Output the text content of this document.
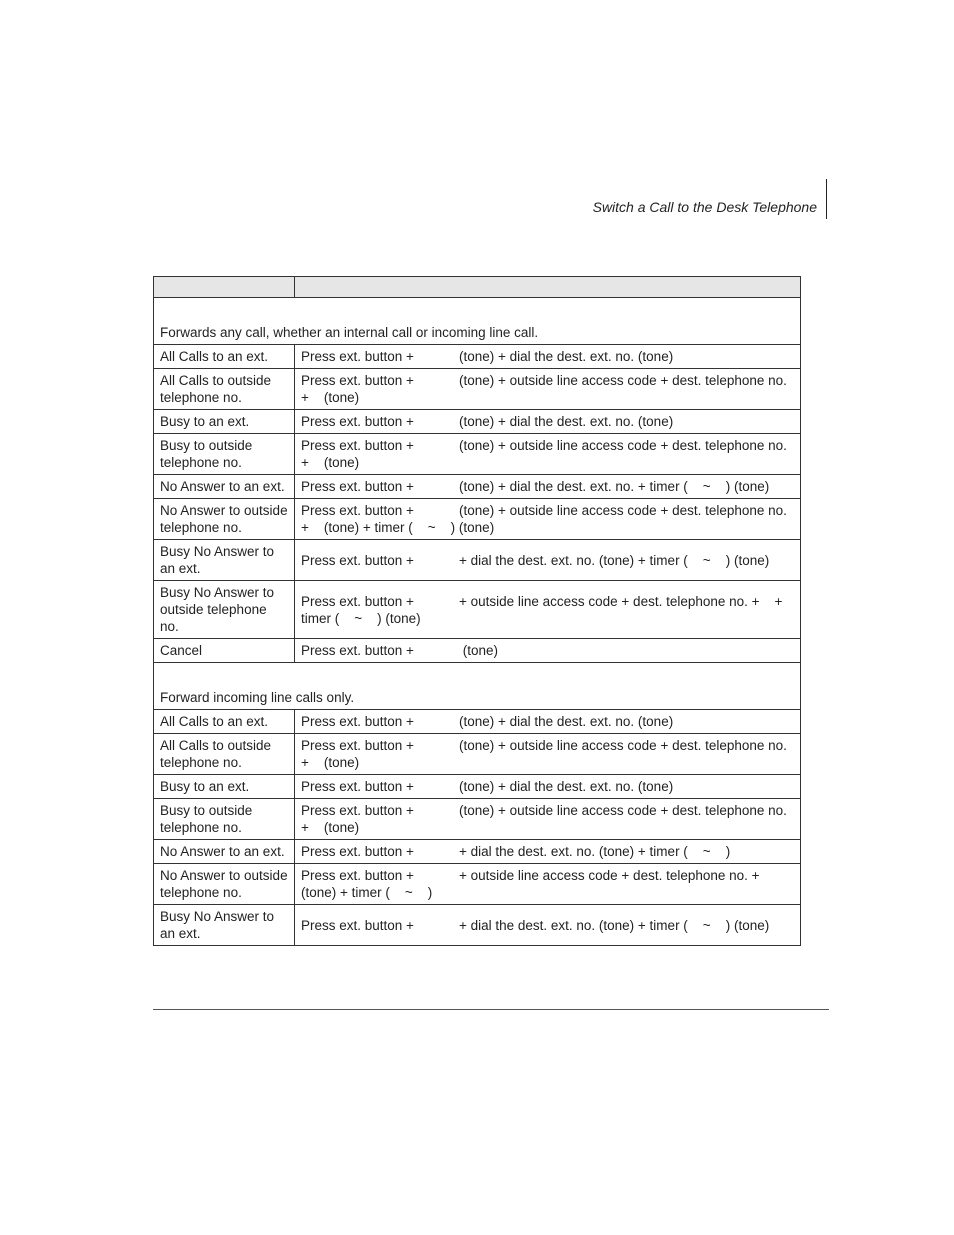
Switch a Call to the Desk Telephone

Forwards any call, whether an internal call or incoming line call.	
All Calls to an ext.	Press ext. button +            (tone) + dial the dest. ext. no. (tone)
All Calls to outside telephone no.	Press ext. button +            (tone) + outside line access code + dest. telephone no. +    (tone)
Busy to an ext.	Press ext. button +            (tone) + dial the dest. ext. no. (tone)
Busy to outside telephone no.	Press ext. button +            (tone) + outside line access code + dest. telephone no. +    (tone)
No Answer to an ext.	Press ext. button +            (tone) + dial the dest. ext. no. + timer (    ~    ) (tone)
No Answer to outside telephone no.	Press ext. button +            (tone) + outside line access code + dest. telephone no. +    (tone) + timer (    ~    ) (tone)
Busy No Answer to an ext.	Press ext. button +            + dial the dest. ext. no. (tone) + timer (    ~    ) (tone)
Busy No Answer to outside telephone no.	Press ext. button +            + outside line access code + dest. telephone no. +    + timer (    ~    ) (tone)
Cancel	Press ext. button +             (tone)
Forward incoming line calls only.	
All Calls to an ext.	Press ext. button +            (tone) + dial the dest. ext. no. (tone)
All Calls to outside telephone no.	Press ext. button +            (tone) + outside line access code + dest. telephone no. +    (tone)
Busy to an ext.	Press ext. button +            (tone) + dial the dest. ext. no. (tone)
Busy to outside telephone no.	Press ext. button +            (tone) + outside line access code + dest. telephone no. +    (tone)
No Answer to an ext.	Press ext. button +            + dial the dest. ext. no. (tone) + timer (    ~    )
No Answer to outside telephone no.	Press ext. button +            + outside line access code + dest. telephone no. + (tone) + timer (    ~    )
Busy No Answer to an ext.	Press ext. button +            + dial the dest. ext. no. (tone) + timer (    ~    ) (tone)
